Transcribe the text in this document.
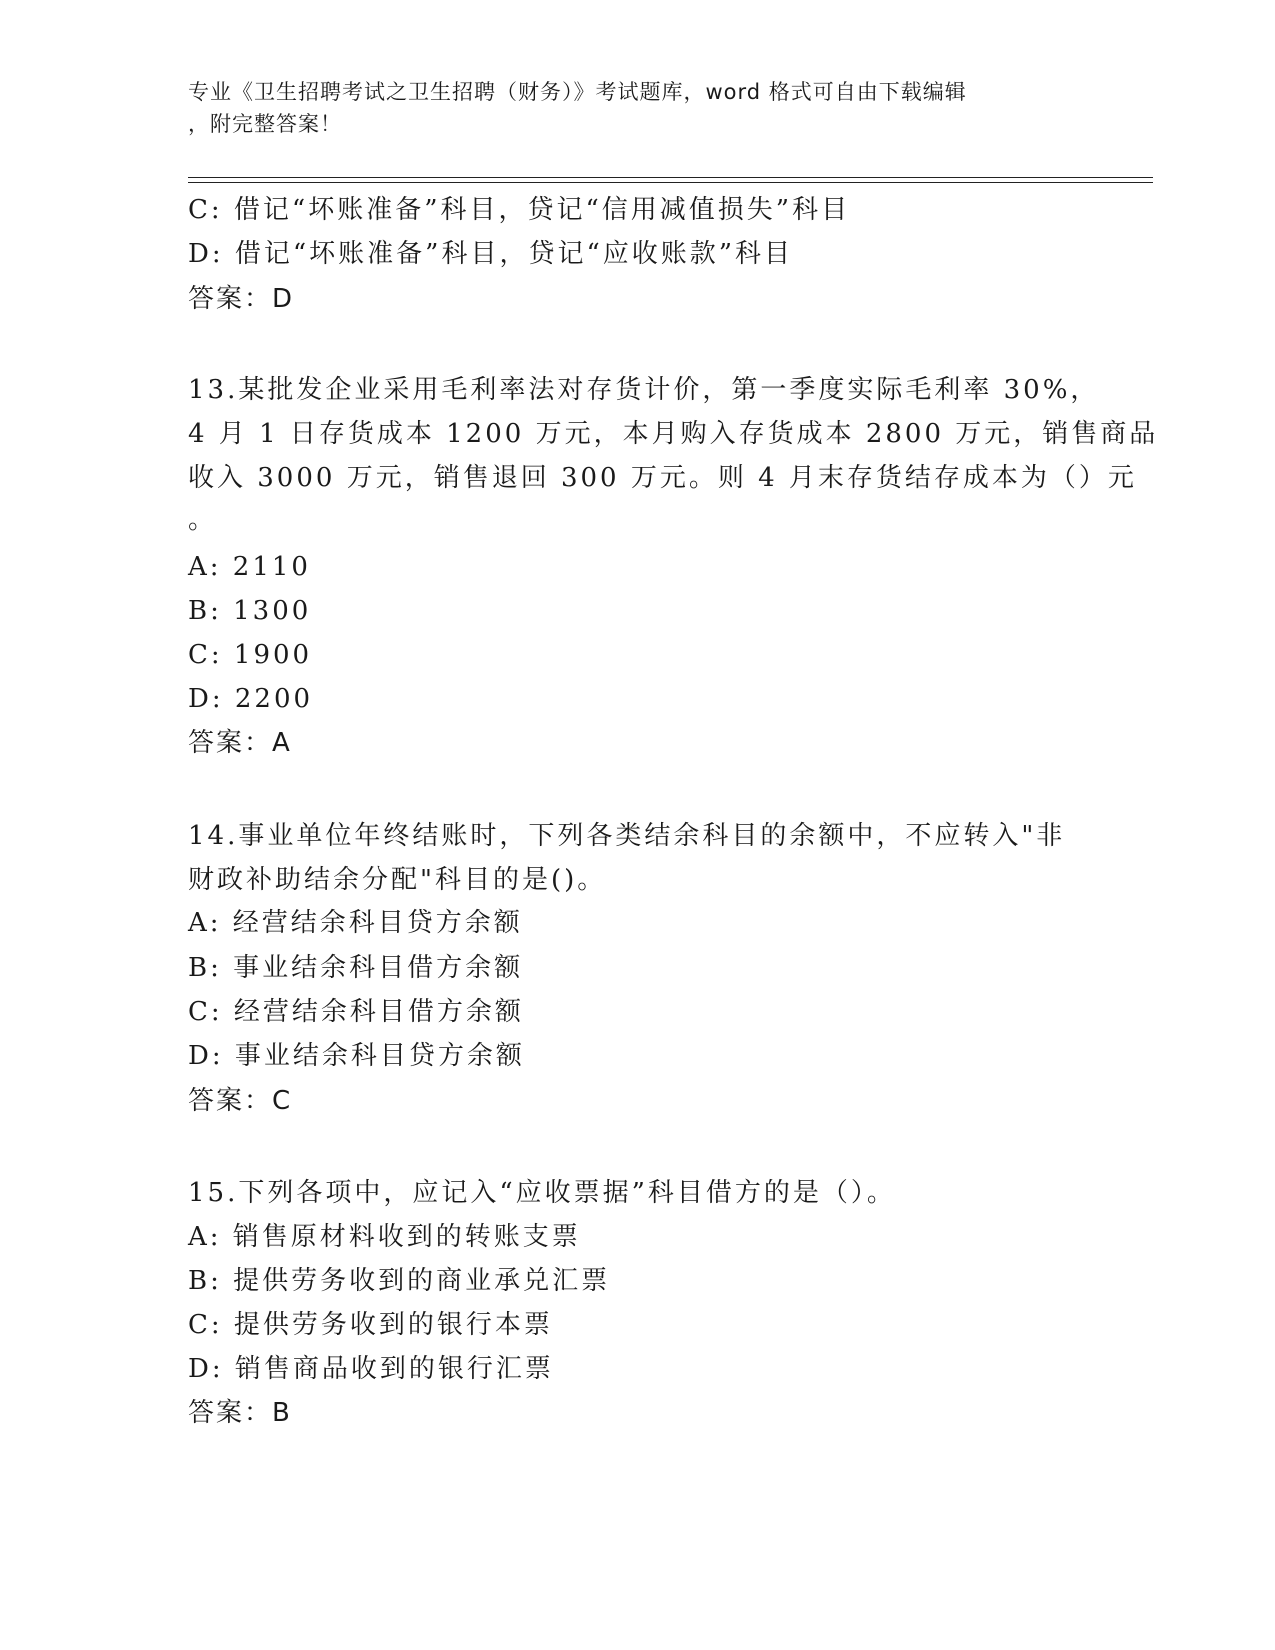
专业《卫生招聘考试之卫生招聘（财务）》考试题库，word 格式可自由下载编辑
，附完整答案！
C: 借记“坏账准备”科目，贷记“信用减值损失”科目
D: 借记“坏账准备”科目，贷记“应收账款”科目
答案：D
13.某批发企业采用毛利率法对存货计价，第一季度实际毛利率 30%，
4 月 1 日存货成本 1200 万元，本月购入存货成本 2800 万元，销售商品
收入 3000 万元，销售退回 300 万元。则 4 月末存货结存成本为（）元
。
A: 2110
B: 1300
C: 1900
D: 2200
答案：A
14.事业单位年终结账时，下列各类结余科目的余额中，不应转入"非
财政补助结余分配"科目的是()。
A: 经营结余科目贷方余额
B: 事业结余科目借方余额
C: 经营结余科目借方余额
D: 事业结余科目贷方余额
答案：C
15.下列各项中，应记入“应收票据”科目借方的是（）。
A: 销售原材料收到的转账支票
B: 提供劳务收到的商业承兑汇票
C: 提供劳务收到的银行本票
D: 销售商品收到的银行汇票
答案：B
